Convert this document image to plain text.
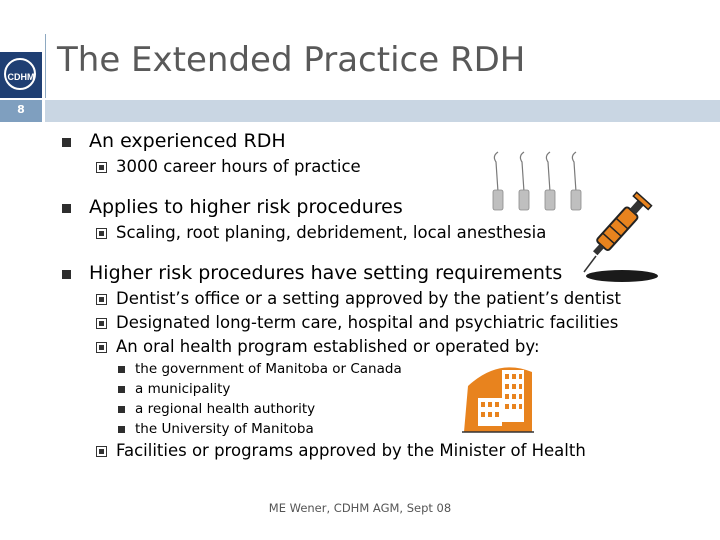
CDHM The Extended Practice RDH
8
An experienced RDH
3000 career hours of practice
Applies to higher risk procedures
Scaling, root planing, debridement, local anesthesia
Higher risk procedures have setting requirements
Dentist’s office or a setting approved by the patient’s dentist
Designated long-term care, hospital and psychiatric facilities
An oral health program established or operated by:
the government of Manitoba or Canada
a municipality
a regional health authority
the University of Manitoba
Facilities or programs approved by the Minister of Health
ME Wener, CDHM AGM, Sept 08
